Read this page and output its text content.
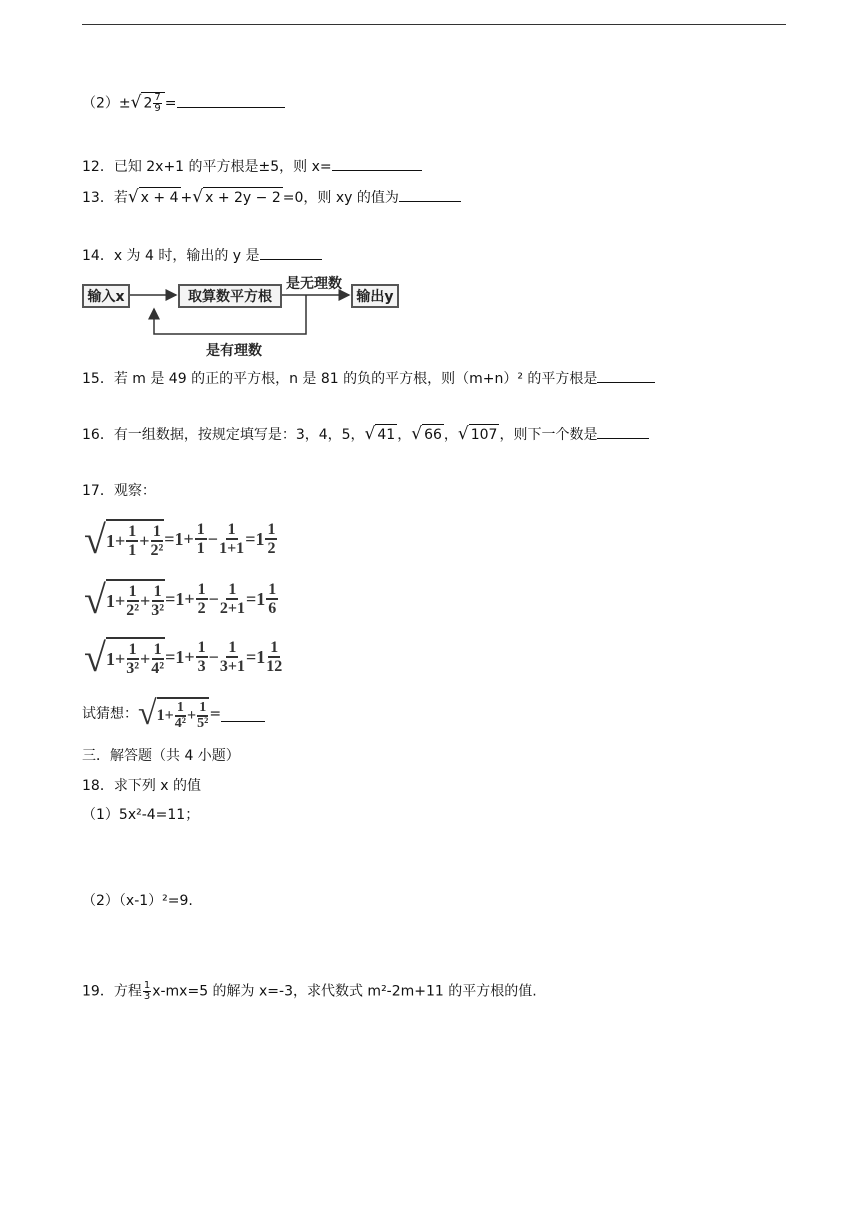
（2）±√ $2 \frac{7}{9}$ =
12．已知 2x+1 的平方根是±5，则 x=
13．若√ x + 4 +√ x + 2y − 2 =0，则 xy 的值为
14．x 为 4 时，输出的 y 是
输入x	取算数平方根	输出y
是无理数
是有理数
15．若 m 是 49 的正的平方根，n 是 81 的负的平方根，则（m+n）² 的平方根是
16．有一组数据，按规定填写是：3，4，5，√ 41 ，√ 66 ，√ 107 ，则下一个数是
17．观察：
√ $1 + \frac{1}{1} + \frac{1}{\text{2²}} =1+ \frac{1}{1} - \frac{1}{1+1} = 1 \frac{1}{2}$
√ $1 + \frac{1}{\text{2²}} + \frac{1}{\text{3²}} =1+ \frac{1}{2} - \frac{1}{2+1} = 1 \frac{1}{6}$
√ $1 + \frac{1}{\text{3²}} + \frac{1}{\text{4²}} =1+ \frac{1}{3} - \frac{1}{3+1} = 1 \frac{1}{12}$
试猜想： √ $1+ \frac{1}{\text{4²}} + \frac{1}{\text{5²}}$ =
三．解答题（共 4 小题）
18．求下列 x 的值
（1）5x²-4=11；
（2）（x-1）²=9.
19．方程 $\frac{1}{3} x-mx=5$ 的解为 x=-3，求代数式 m²-2m+11 的平方根的值.
